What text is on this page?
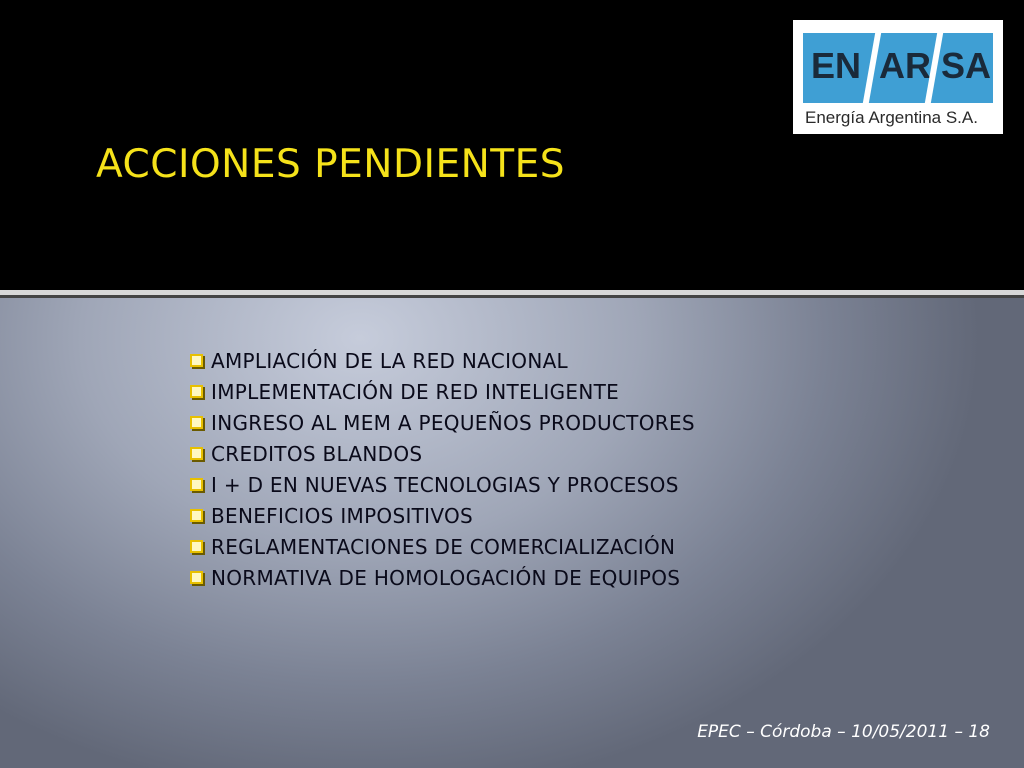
ACCIONES PENDIENTES
EN AR SA
Energía Argentina S.A.
AMPLIACIÓN DE LA RED NACIONAL
IMPLEMENTACIÓN DE RED INTELIGENTE
INGRESO AL MEM A PEQUEÑOS PRODUCTORES
CREDITOS BLANDOS
I + D EN NUEVAS TECNOLOGIAS Y PROCESOS
BENEFICIOS IMPOSITIVOS
REGLAMENTACIONES DE COMERCIALIZACIÓN
NORMATIVA DE HOMOLOGACIÓN DE EQUIPOS
EPEC – Córdoba – 10/05/2011 – 18
